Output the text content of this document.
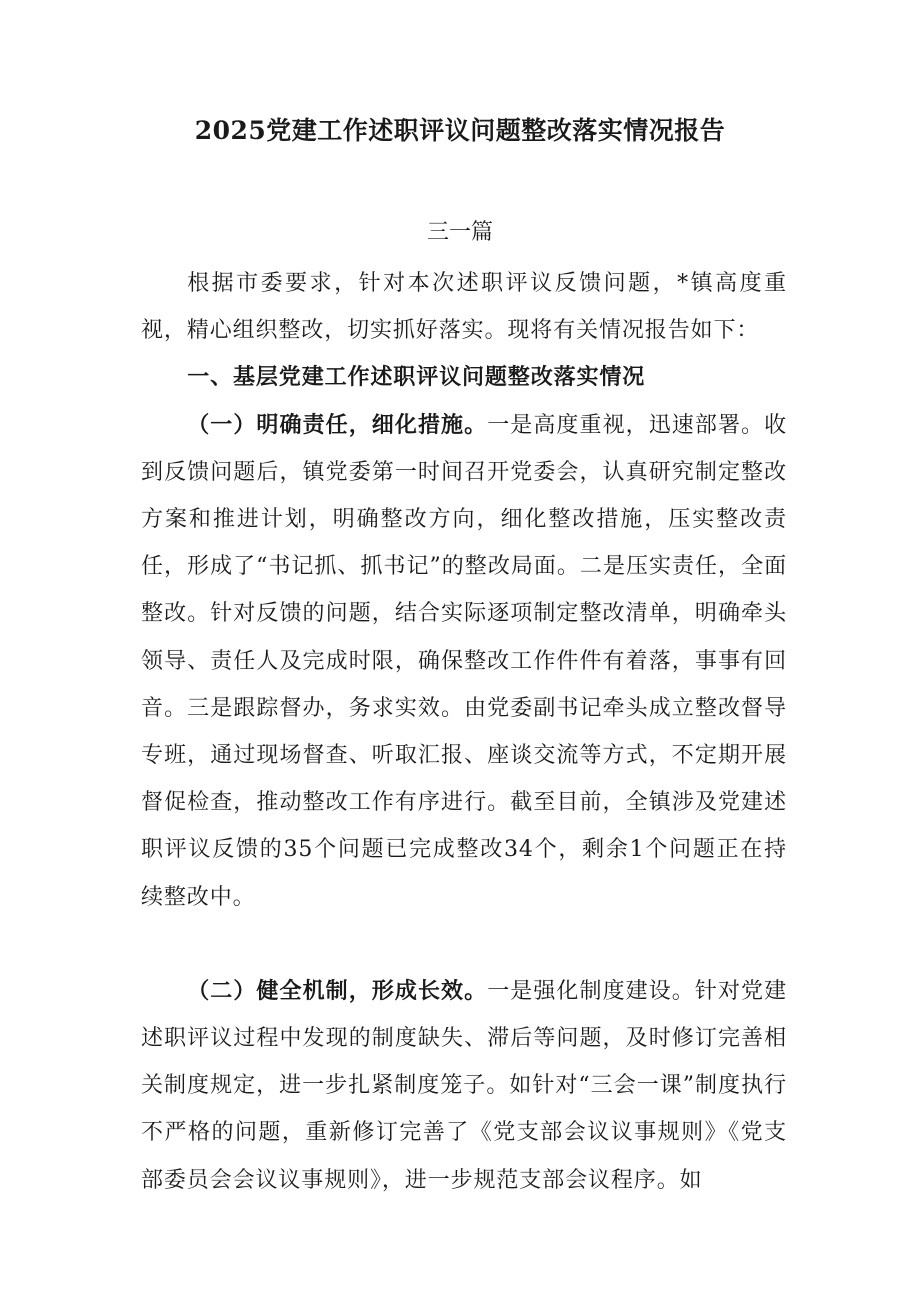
2025党建工作述职评议问题整改落实情况报告
三一篇

根据市委要求，针对本次述职评议反馈问题，*镇高度重视，精心组织整改，切实抓好落实。现将有关情况报告如下：

一、基层党建工作述职评议问题整改落实情况

（一）明确责任，细化措施。一是高度重视，迅速部署。收到反馈问题后，镇党委第一时间召开党委会，认真研究制定整改方案和推进计划，明确整改方向，细化整改措施，压实整改责任，形成了“书记抓、抓书记”的整改局面。二是压实责任，全面整改。针对反馈的问题，结合实际逐项制定整改清单，明确牵头领导、责任人及完成时限，确保整改工作件件有着落，事事有回音。三是跟踪督办，务求实效。由党委副书记牵头成立整改督导专班，通过现场督查、听取汇报、座谈交流等方式，不定期开展督促检查，推动整改工作有序进行。截至目前，全镇涉及党建述职评议反馈的35个问题已完成整改34个，剩余1个问题正在持续整改中。

（二）健全机制，形成长效。一是强化制度建设。针对党建述职评议过程中发现的制度缺失、滞后等问题，及时修订完善相关制度规定，进一步扎紧制度笼子。如针对“三会一课”制度执行不严格的问题，重新修订完善了《党支部会议议事规则》《党支部委员会会议议事规则》，进一步规范支部会议程序。如
